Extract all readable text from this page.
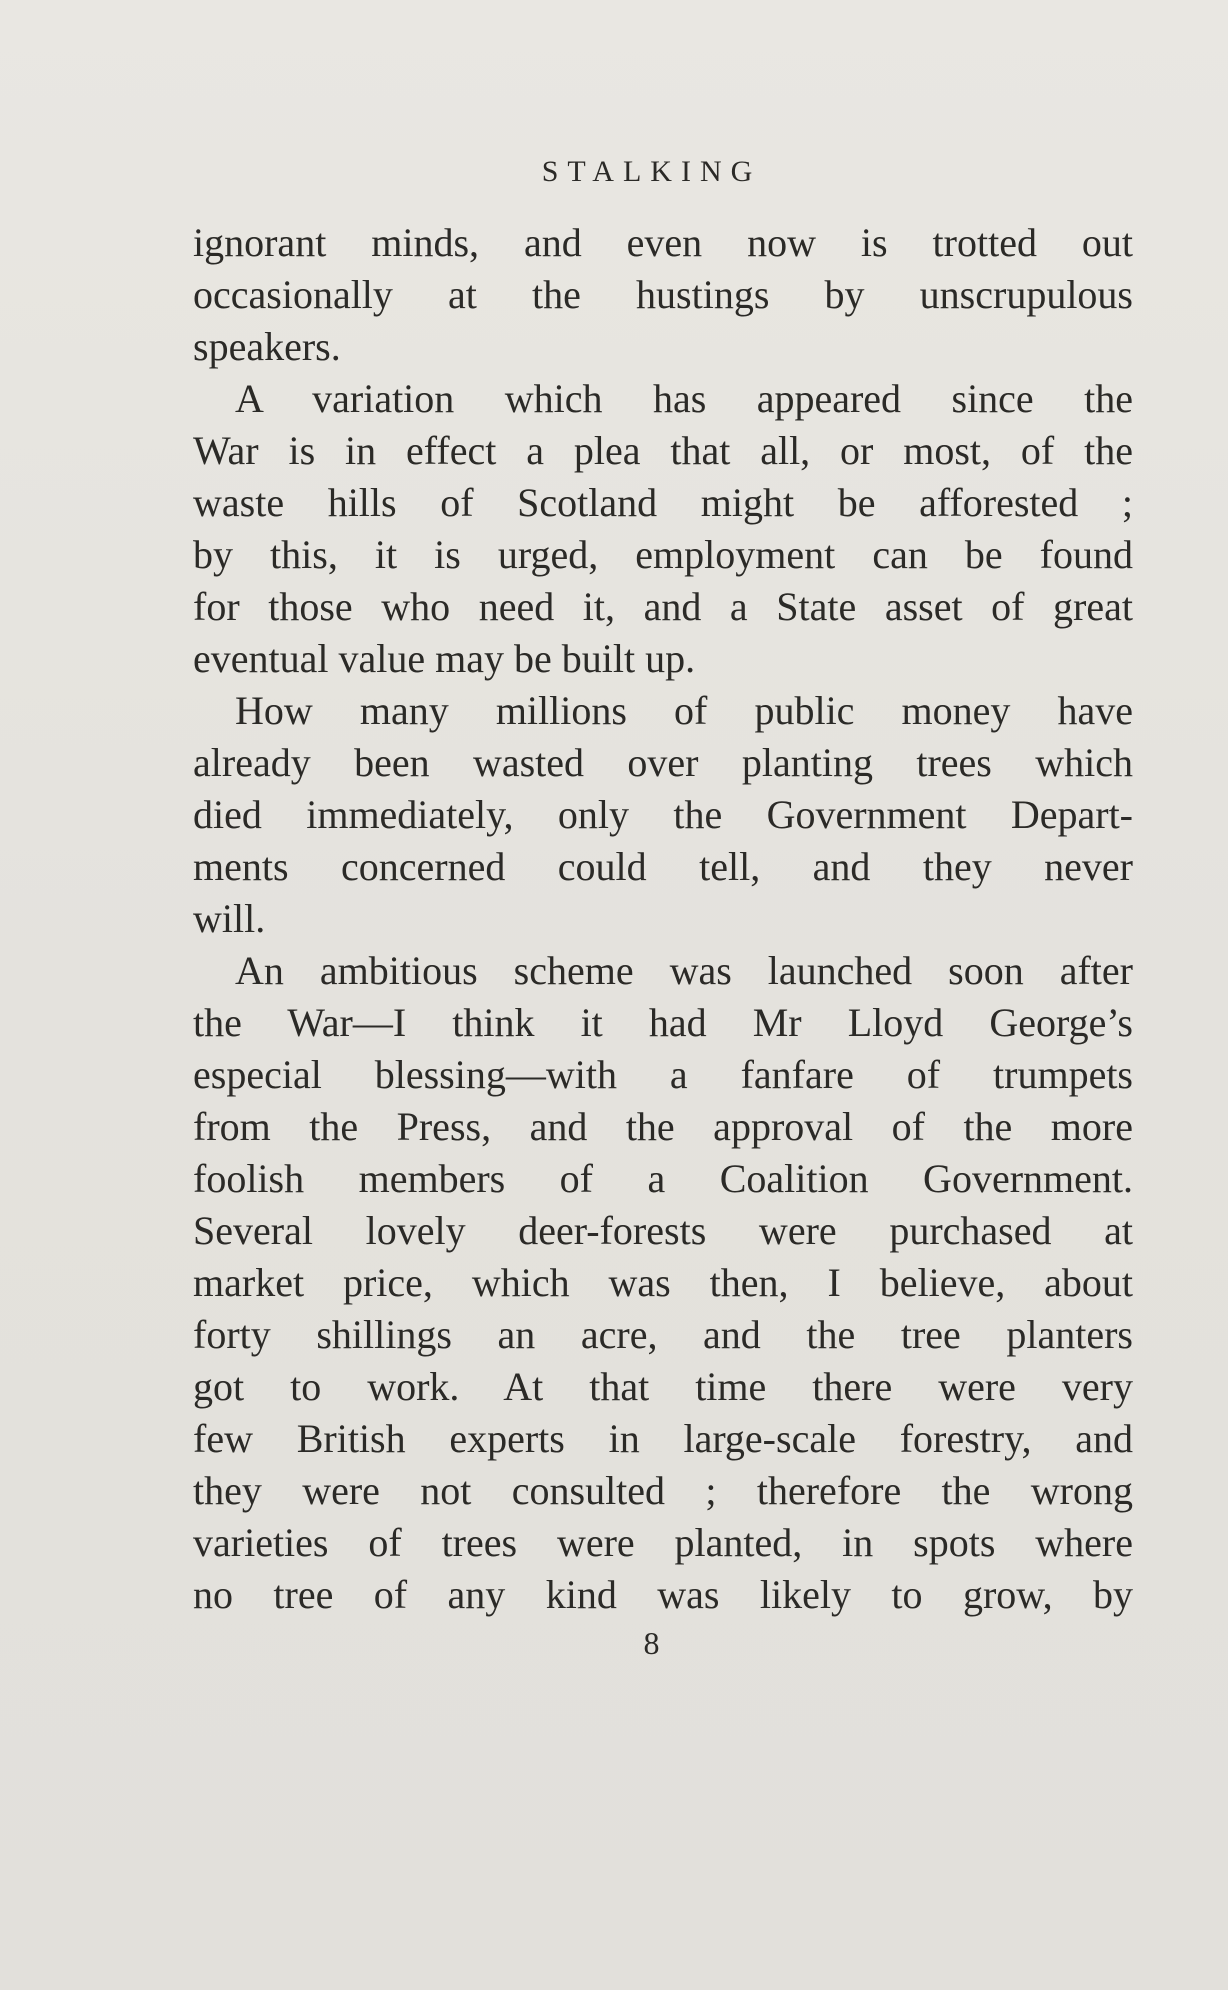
STALKING
ignorant minds, and even now is trotted out
occasionally at the hustings by unscrupulous
speakers.
A variation which has appeared since the
War is in effect a plea that all, or most, of the
waste hills of Scotland might be afforested ;
by this, it is urged, employment can be found
for those who need it, and a State asset of great
eventual value may be built up.
How many millions of public money have
already been wasted over planting trees which
died immediately, only the Government Depart-
ments concerned could tell, and they never
will.
An ambitious scheme was launched soon after
the War—I think it had Mr Lloyd George’s
especial blessing—with a fanfare of trumpets
from the Press, and the approval of the more
foolish members of a Coalition Government.
Several lovely deer-forests were purchased at
market price, which was then, I believe, about
forty shillings an acre, and the tree planters
got to work. At that time there were very
few British experts in large-scale forestry, and
they were not consulted ; therefore the wrong
varieties of trees were planted, in spots where
no tree of any kind was likely to grow, by
8
